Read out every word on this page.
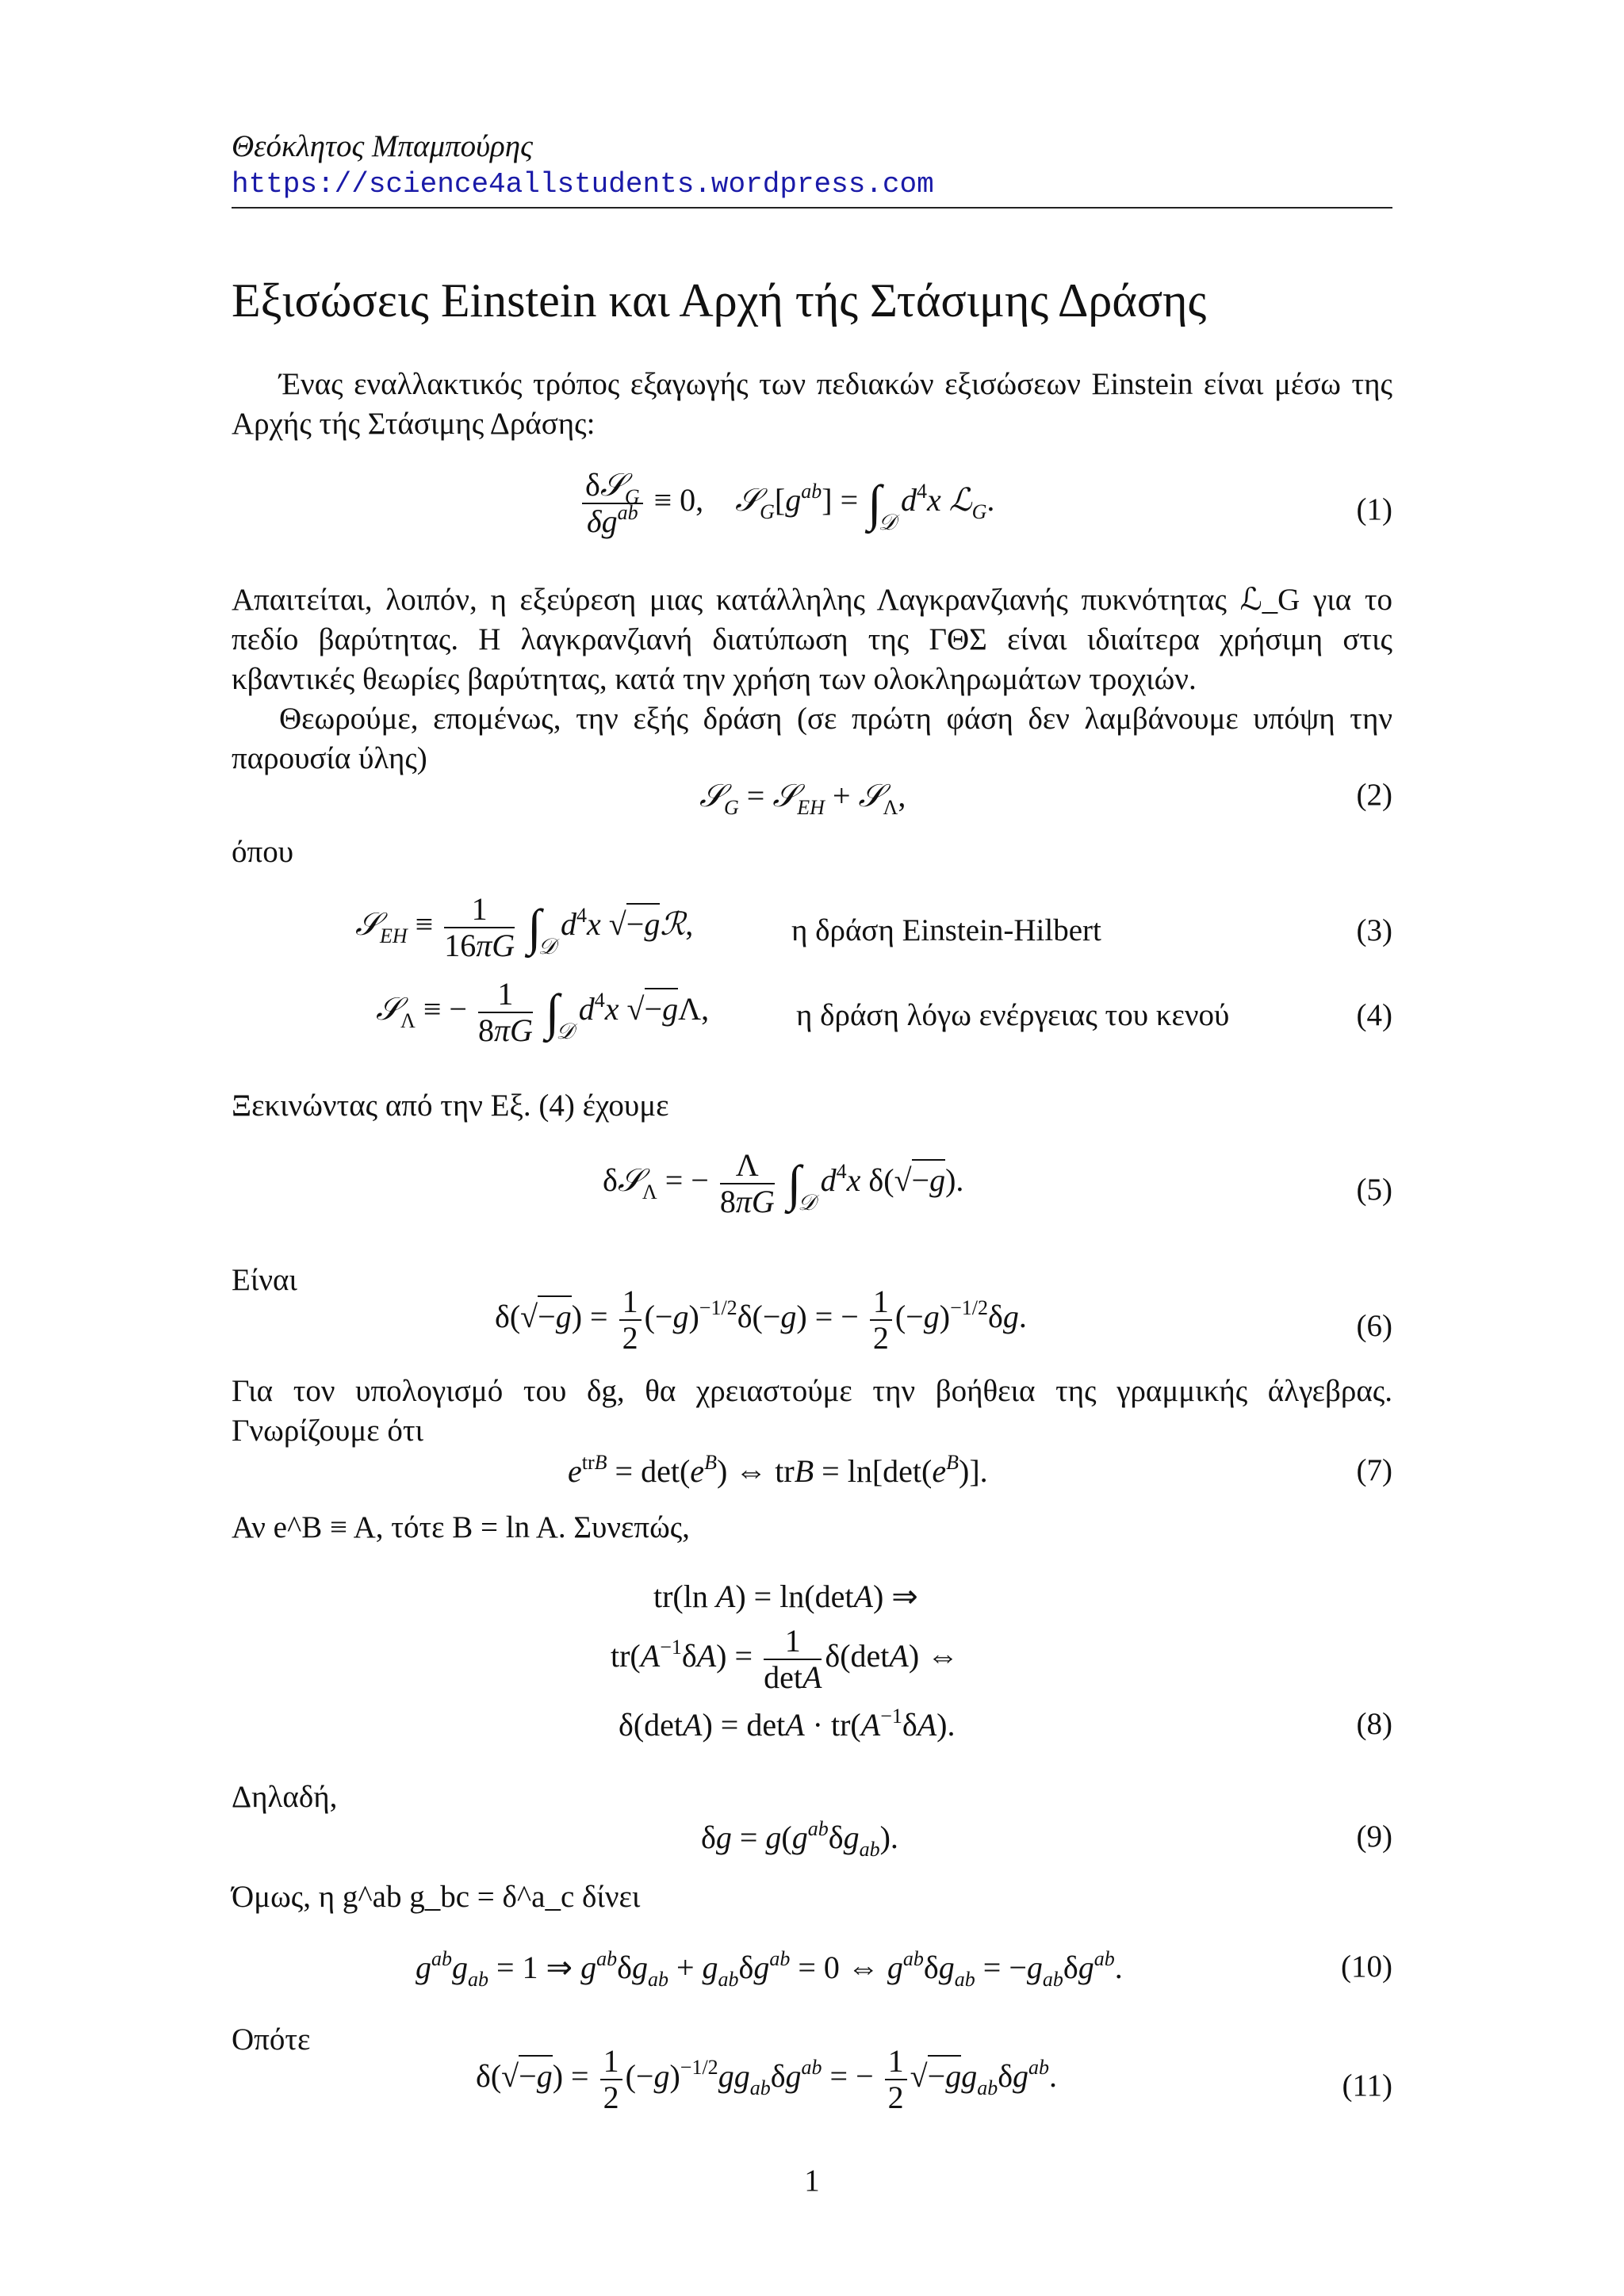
Θεόκλητος Μπαμπούρης
https://science4allstudents.wordpress.com
Εξισώσεις Einstein και Αρχή τής Στάσιμης Δράσης
Ένας εναλλακτικός τρόπος εξαγωγής των πεδιακών εξισώσεων Einstein είναι μέσω της Αρχής τής Στάσιμης Δράσης:
$\frac{\delta 𝒮_G}{\delta g^{ab}} \equiv 0$,    $𝒮_G[g^{ab}] = \int_𝒟d^4x$ ℒ$_G$.	(1)
Απαιτείται, λοιπόν, η εξεύρεση μιας κατάλληλης Λαγκρανζιανής πυκνότητας ℒ_G για το πεδίο βαρύτητας. Η λαγκρανζιανή διατύπωση της ΓΘΣ είναι ιδιαίτερα χρήσιμη στις κβαντικές θεωρίες βαρύτητας, κατά την χρήση των ολοκληρωμάτων τροχιών.
Θεωρούμε, επομένως, την εξής δράση (σε πρώτη φάση δεν λαμβάνουμε υπόψη την παρουσία ύλης)
𝒮$_G$ = 𝒮$_{EH}$ + 𝒮$_\Lambda$,	(2)
όπου
𝒮$_{EH}$ ≡ $\frac{1}{16\pi G} \int_𝒟d^4x$ √−gℛ,	η δράση Einstein-Hilbert	(3)
𝒮$_\Lambda$ ≡ − $\frac{1}{8\pi G} \int_𝒟d^4x$ √−gΛ,	η δράση λόγω ενέργειας του κενού	(4)
Ξεκινώντας από την Εξ. (4) έχουμε
δ𝒮$_\Lambda$ = − $\frac{\Lambda}{8\pi G} \int_𝒟d^4x$ δ(√−g).	(5)
Είναι
$\delta(√-g) = \frac{1}{2} (-g)^{-1/2}\delta(-g)$ = − $\frac{1}{2} (-g)^{-1/2}\delta g$.	(6)
Για τον υπολογισμό του δg, θα χρειαστούμε την βοήθεια της γραμμικής άλγεβρας. Γνωρίζουμε ότι
$e^{trB} = \det(e^B)$ ⇔ trB = $\ln[\det(e^B)]$.	(7)
Αν e^B ≡ A, τότε B = ln A. Συνεπώς,
tr(ln A) = ln(detA) ⇒
$tr(A^{-1}\delta A) = \frac{1}{\det A} \delta(\det A)$ ⇔
$\delta(\det A) = \det A \cdot tr(A^{-1}\delta A)$.	(8)
Δηλαδή,
$\delta g = g(g^{ab}\delta g_{ab})$.	(9)
Όμως, η g^ab g_bc = δ^a_c δίνει
$g^{ab}g_{ab} = 1$ ⇒ $g^{ab}\delta g_{ab} + g_{ab}\delta g^{ab} = 0$ ⇔ $g^{ab}\delta g_{ab} = -g_{ab}\delta g^{ab}$.	(10)
Οπότε
$\delta(√-g) = \frac{1}{2} (-g)^{-1/2}gg_{ab}\delta g^{ab}$ = − $\frac{1}{2} √-gg_{ab}\delta g^{ab}$.	(11)
1
